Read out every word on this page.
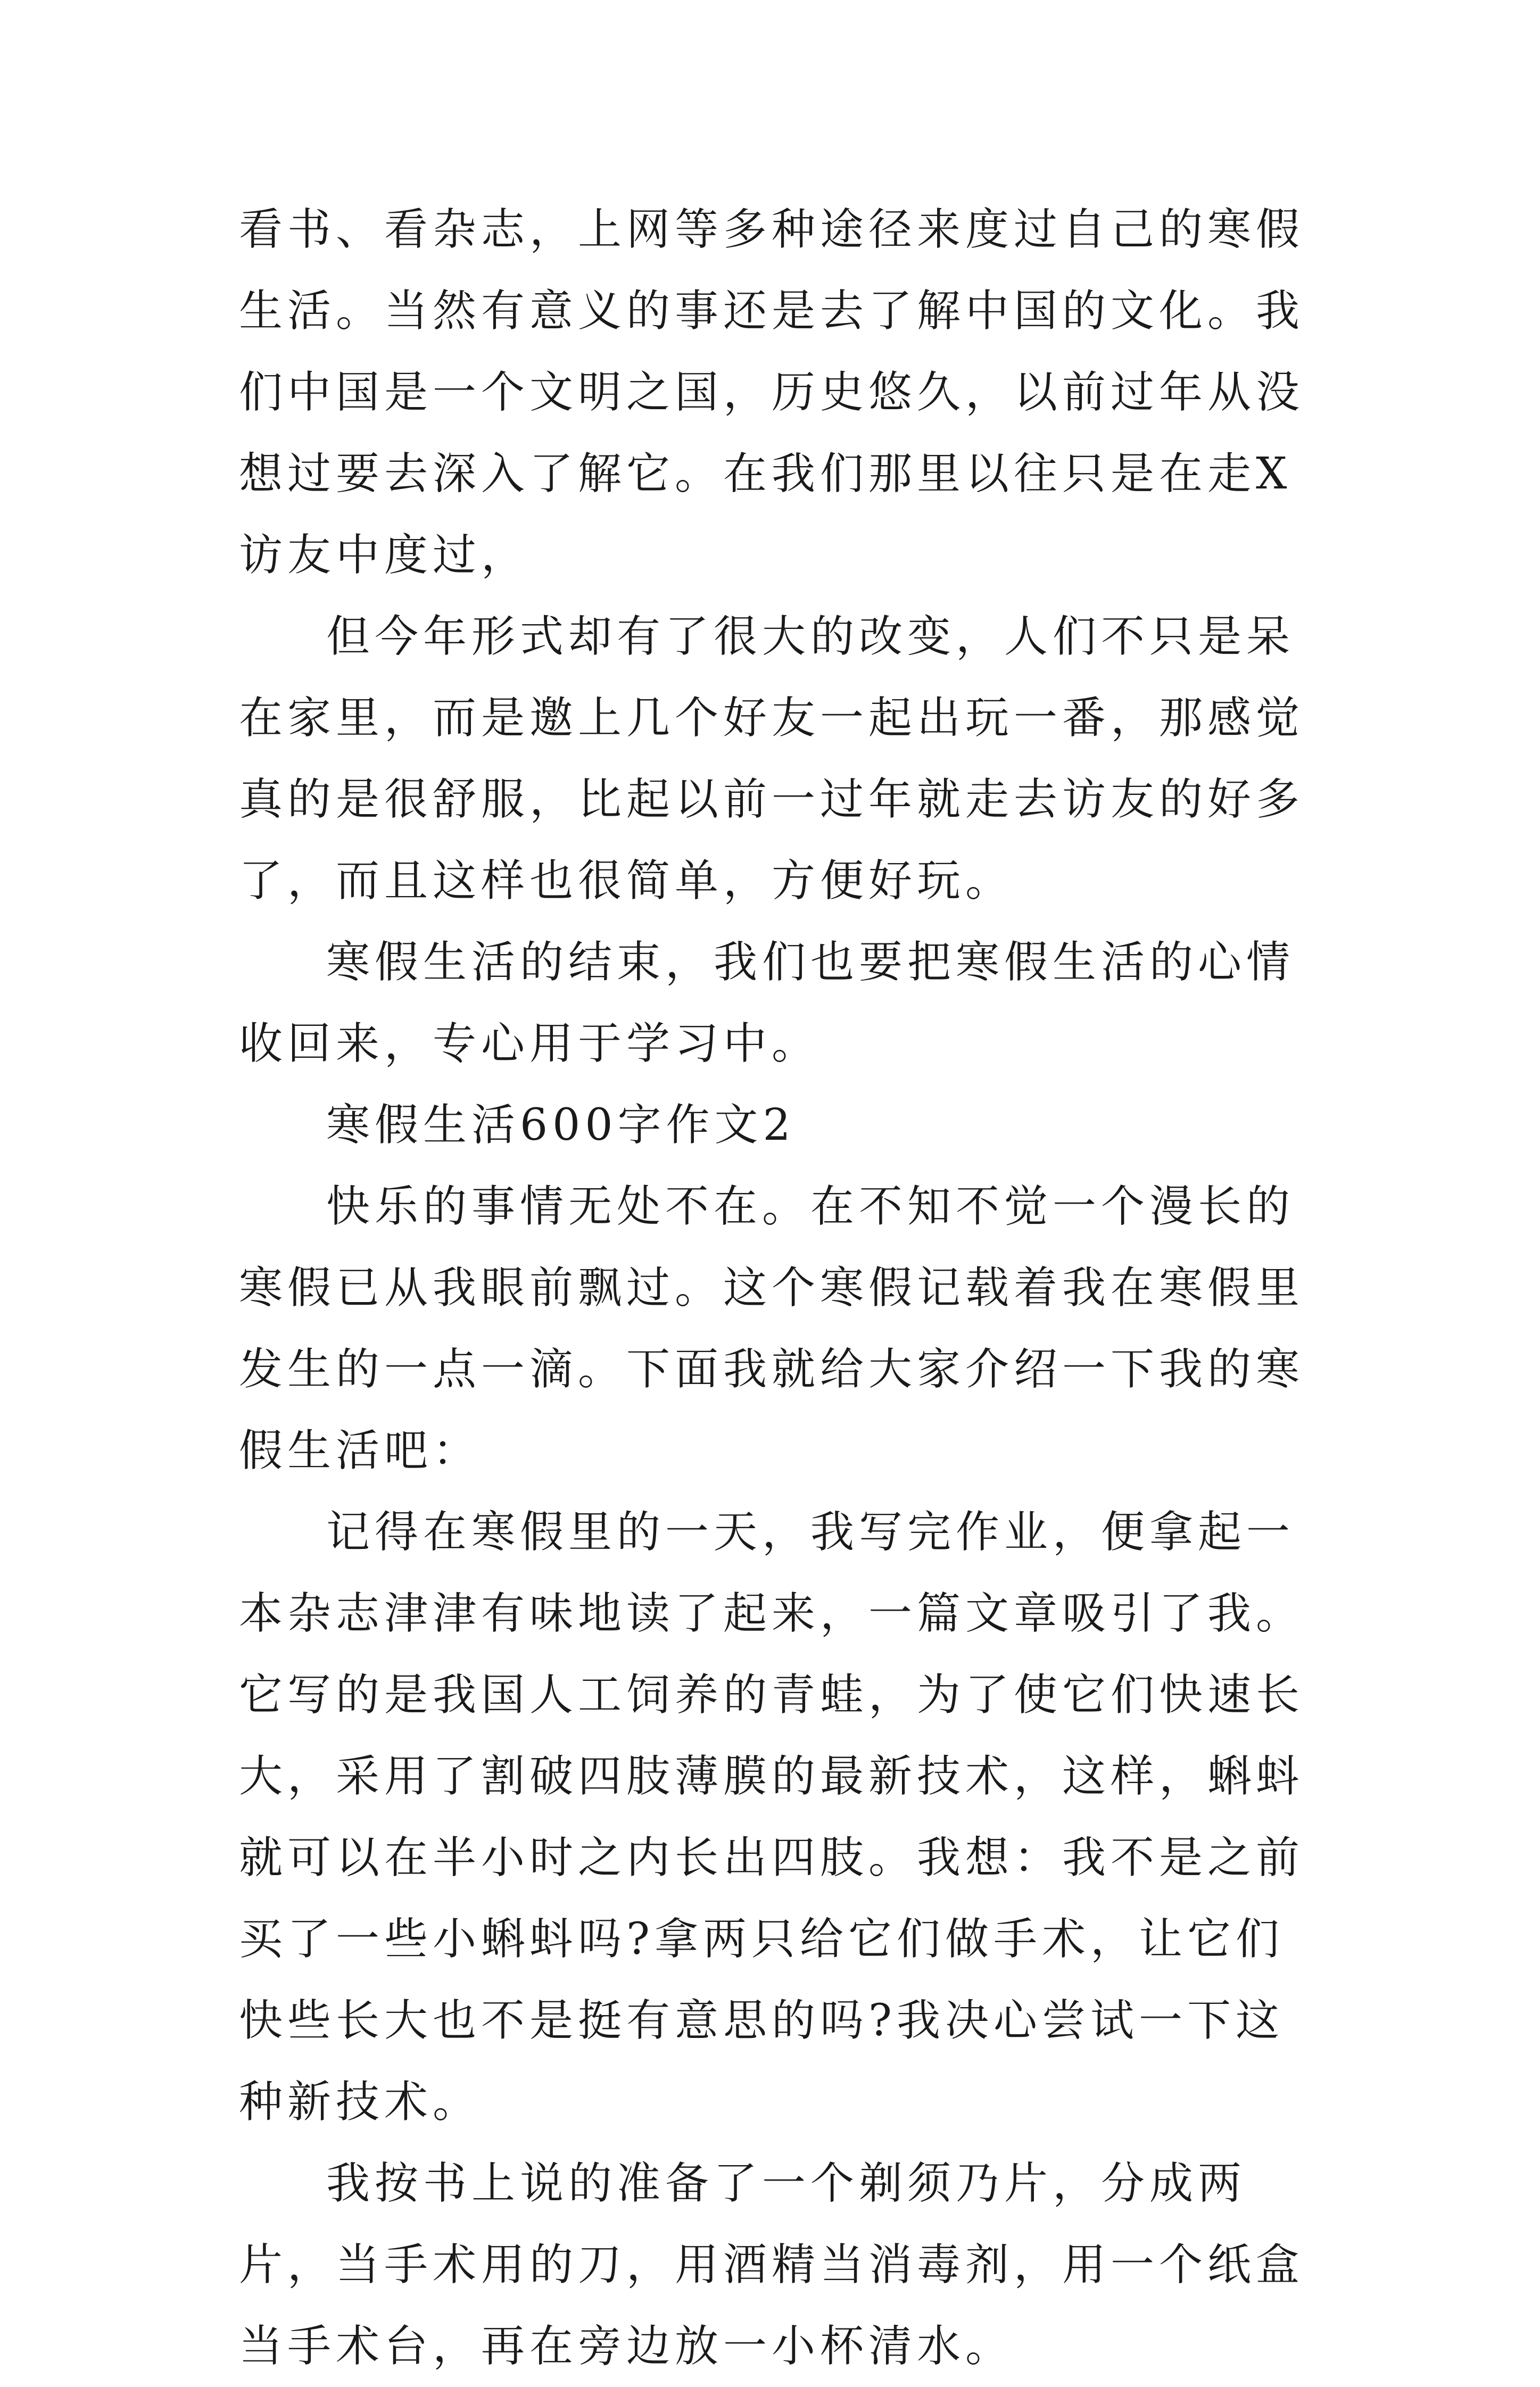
看书、看杂志，上网等多种途径来度过自己的寒假生活。当然有意义的事还是去了解中国的文化。我们中国是一个文明之国，历史悠久，以前过年从没想过要去深入了解它。在我们那里以往只是在走X访友中度过，

但今年形式却有了很大的改变，人们不只是呆在家里，而是邀上几个好友一起出玩一番，那感觉真的是很舒服，比起以前一过年就走去访友的好多了，而且这样也很简单，方便好玩。

寒假生活的结束，我们也要把寒假生活的心情收回来，专心用于学习中。

寒假生活600字作文2

快乐的事情无处不在。在不知不觉一个漫长的寒假已从我眼前飘过。这个寒假记载着我在寒假里发生的一点一滴。下面我就给大家介绍一下我的寒假生活吧：

记得在寒假里的一天，我写完作业，便拿起一本杂志津津有味地读了起来，一篇文章吸引了我。它写的是我国人工饲养的青蛙，为了使它们快速长大，采用了割破四肢薄膜的最新技术，这样，蝌蚪就可以在半小时之内长出四肢。我想：我不是之前买了一些小蝌蚪吗?拿两只给它们做手术，让它们快些长大也不是挺有意思的吗?我决心尝试一下这种新技术。

我按书上说的准备了一个剃须乃片，分成两片，当手术用的刀，用酒精当消毒剂，用一个纸盒当手术台，再在旁边放一小杯清水。
